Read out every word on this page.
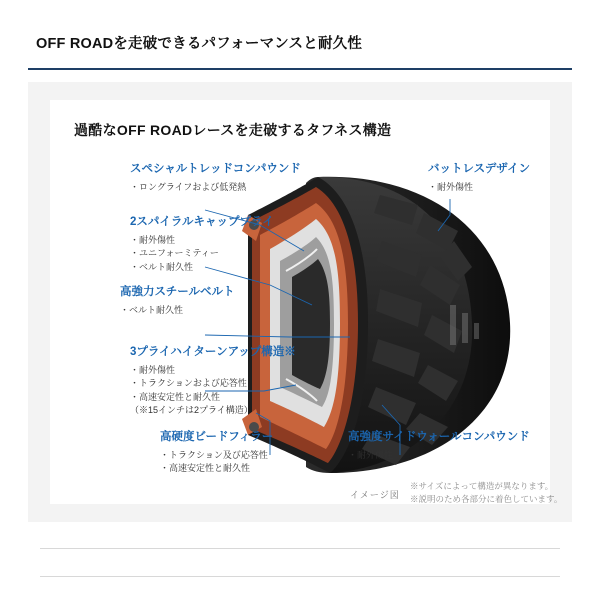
OFF ROADを走破できるパフォーマンスと耐久性
過酷なOFF ROADレースを走破するタフネス構造
スペシャルトレッドコンパウンド
・ロングライフおよび低発熱
バットレスデザイン
・耐外傷性
2スパイラルキャッププライ
・耐外傷性
・ユニフォーミティー
・ベルト耐久性
高強力スチールベルト
・ベルト耐久性
3プライハイターンアップ構造※
・耐外傷性
・トラクションおよび応答性
・高速安定性と耐久性
（※15インチは2プライ構造）
高硬度ビードフィラー
・トラクション及び応答性
・高速安定性と耐久性
高強度サイドウォールコンパウンド
・耐外傷性
イメージ図
※サイズによって構造が異なります。
※説明のため各部分に着色しています。
